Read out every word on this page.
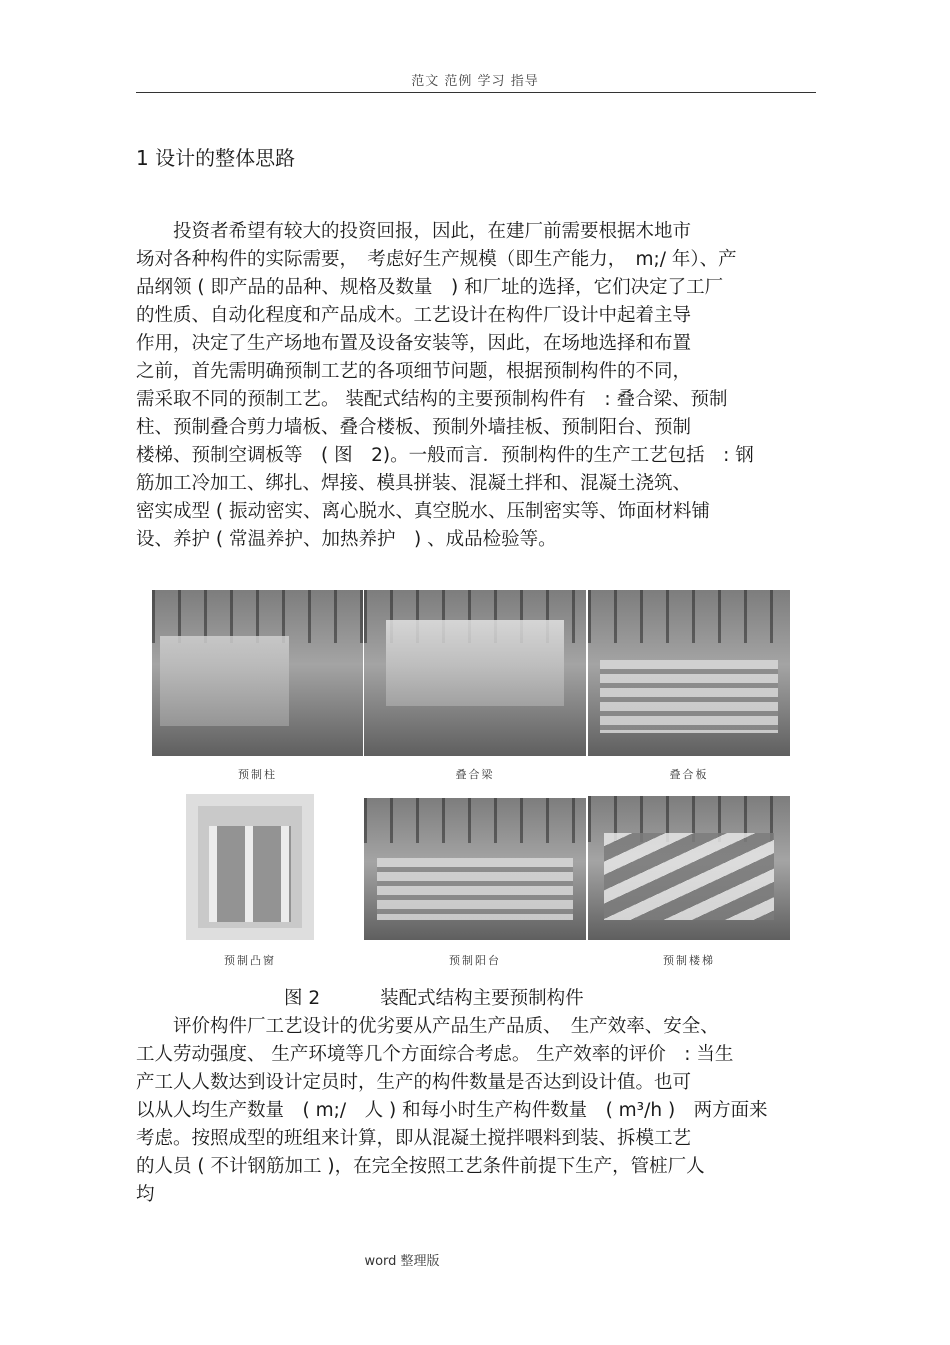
范文 范例 学习 指导
1 设计的整体思路
　　投资者希望有较大的投资回报，因此，在建厂前需要根据木地市
场对各种构件的实际需要，　考虑好生产规模（即生产能力，　m;/ 年）、产
品纲领 ( 即产品的品种、规格及数量　) 和厂址的选择，它们决定了工厂
的性质、自动化程度和产品成木。工艺设计在构件厂设计中起着主导
作用，决定了生产场地布置及设备安装等，因此，在场地选择和布置
之前，首先需明确预制工艺的各项细节问题，根据预制构件的不同，
需采取不同的预制工艺。 装配式结构的主要预制构件有　: 叠合梁、预制
柱、预制叠合剪力墙板、叠合楼板、预制外墙挂板、预制阳台、预制
楼梯、预制空调板等　( 图　2)。一般而言．预制构件的生产工艺包括　: 钢
筋加工冷加工、绑扎、焊接、模具拼装、混凝土拌和、混凝土浇筑、
密实成型 ( 振动密实、离心脱水、真空脱水、压制密实等、饰面材料铺
设、养护 ( 常温养护、加热养护　) 、成品检验等。
预制柱	叠合梁	叠合板
预制凸窗	预制阳台	预制楼梯
图 2	装配式结构主要预制构件
　　评价构件厂工艺设计的优劣要从产品生产品质、　生产效率、安全、
工人劳动强度、 生产环境等几个方面综合考虑。 生产效率的评价　: 当生
产工人人数达到设计定员时，生产的构件数量是否达到设计值。也可
以从人均生产数量　( m;/　人 ) 和每小时生产构件数量　( m³/h )　两方面来
考虑。按照成型的班组来计算，即从混凝土搅拌喂料到装、拆模工艺
的人员 ( 不计钢筋加工 )，在完全按照工艺条件前提下生产，管桩厂人
均
word 整理版
